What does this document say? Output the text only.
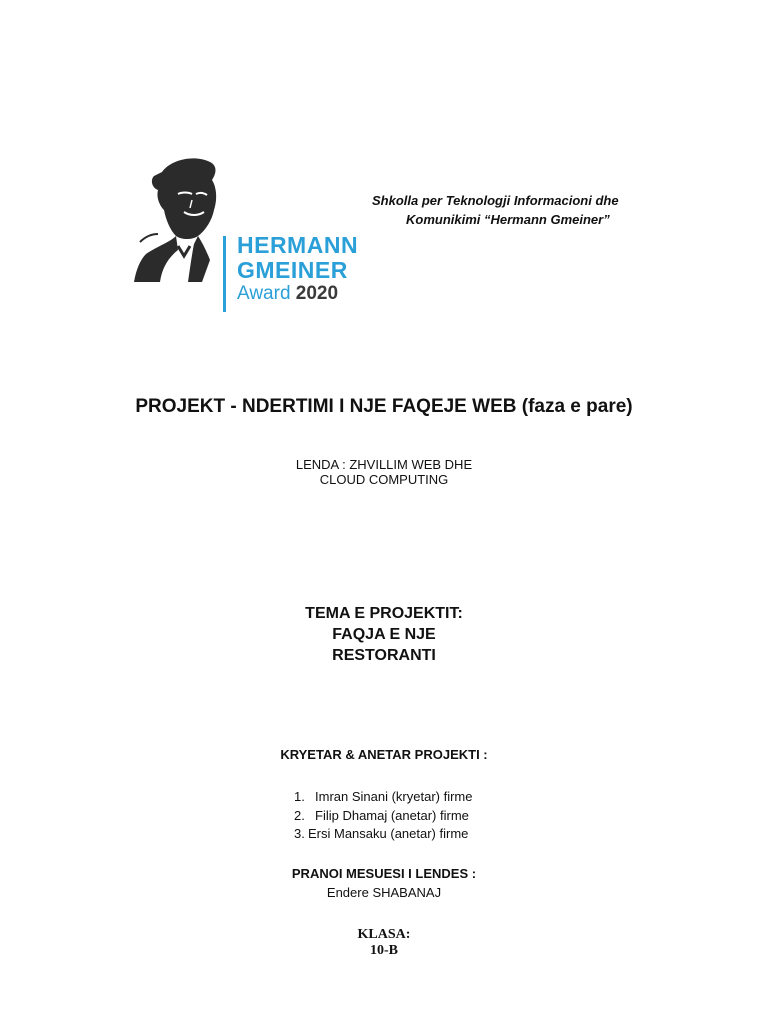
HERMANN
GMEINER
Award 2020
Shkolla per Teknologji Informacioni dhe
Komunikimi “Hermann Gmeiner”
PROJEKT - NDERTIMI I NJE FAQEJE WEB (faza e pare)
LENDA : ZHVILLIM WEB DHE
CLOUD COMPUTING
TEMA E PROJEKTIT:
FAQJA E NJE
RESTORANTI
KRYETAR & ANETAR PROJEKTI :
1. Imran Sinani (kryetar) firme
2. Filip Dhamaj (anetar) firme
3. Ersi Mansaku (anetar) firme
PRANOI MESUESI I LENDES :
Endere SHABANAJ
KLASA:
10-B
